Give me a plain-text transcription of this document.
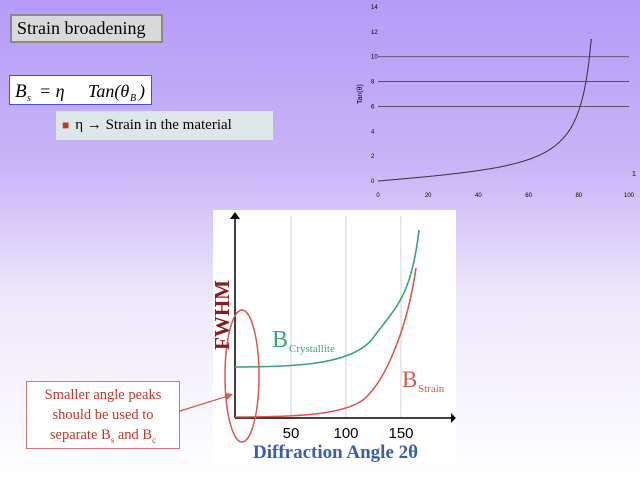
Strain broadening
B s = η Tan(θ B )
■ η → Strain in the material
0
2
4
6
8
10
12
14
0	20	40	60	80	100
Tan(θ)
1
FWHM B Crystallite
B Strain
50 100 150
Diffraction Angle 2θ
Smaller angle peaks
should be used to
separate $B_s$ and $B_c$
